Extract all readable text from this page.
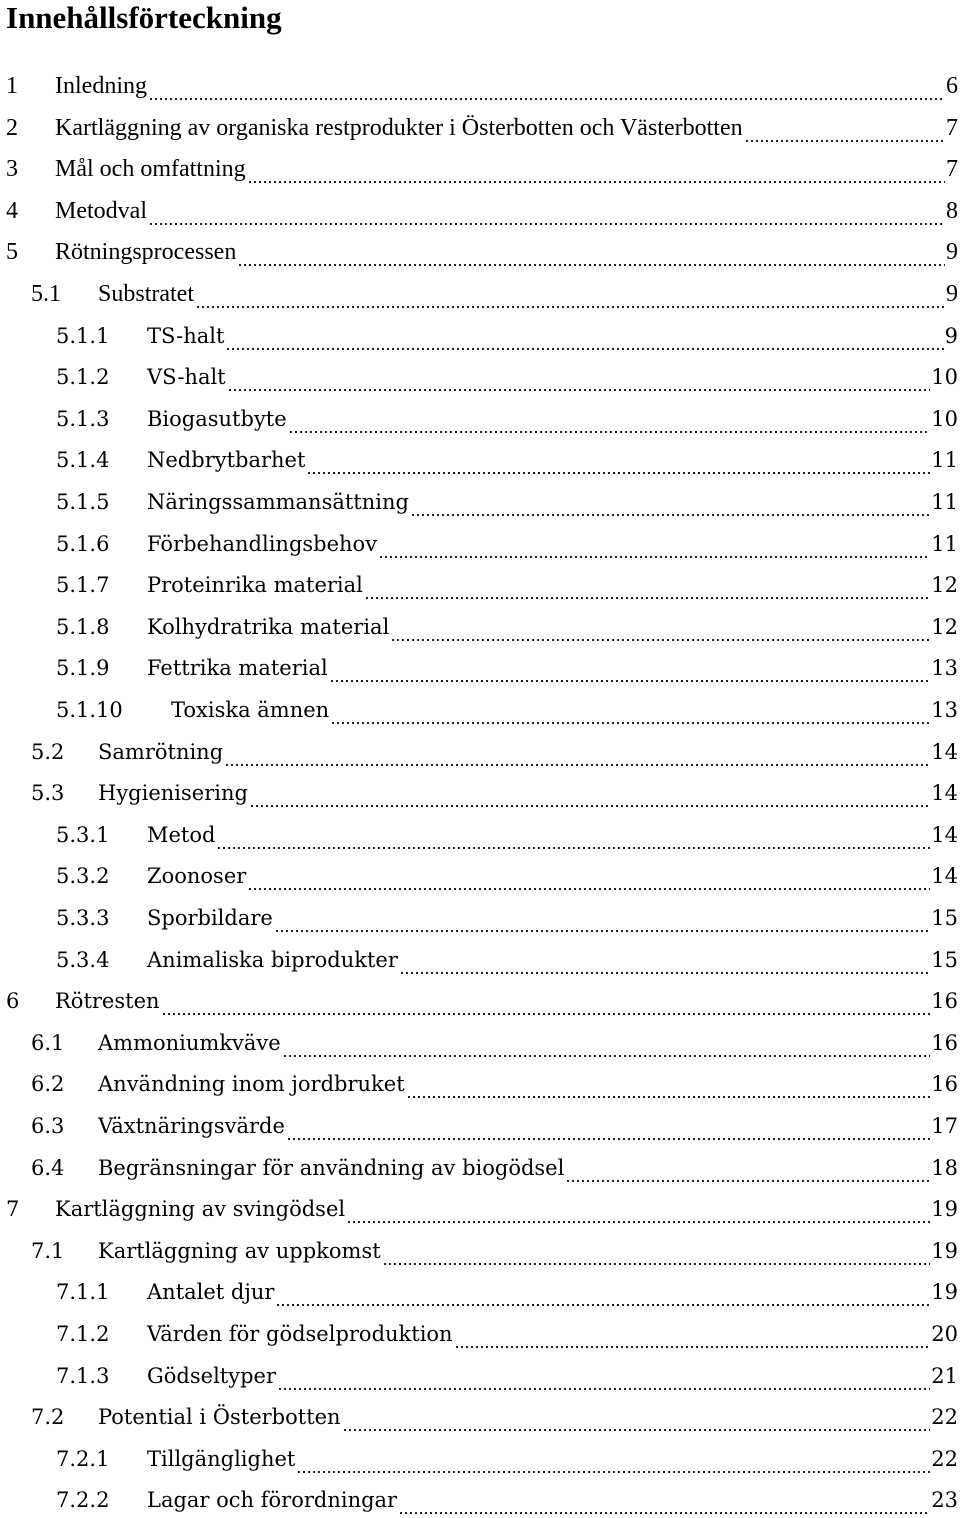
Innehållsförteckning
1 Inledning	6
2 Kartläggning av organiska restprodukter i Österbotten och Västerbotten	7
3 Mål och omfattning	7
4 Metodval	8
5 Rötningsprocessen	9
5.1 Substratet	9
5.1.1 TS-halt	9
5.1.2 VS-halt	10
5.1.3 Biogasutbyte	10
5.1.4 Nedbrytbarhet	11
5.1.5 Näringssammansättning	11
5.1.6 Förbehandlingsbehov	11
5.1.7 Proteinrika material	12
5.1.8 Kolhydratrika material	12
5.1.9 Fettrika material	13
5.1.10 Toxiska ämnen	13
5.2 Samrötning	14
5.3 Hygienisering	14
5.3.1 Metod	14
5.3.2 Zoonoser	14
5.3.3 Sporbildare	15
5.3.4 Animaliska biprodukter	15
6 Rötresten	16
6.1 Ammoniumkväve	16
6.2 Användning inom jordbruket	16
6.3 Växtnäringsvärde	17
6.4 Begränsningar för användning av biogödsel	18
7 Kartläggning av svingödsel	19
7.1 Kartläggning av uppkomst	19
7.1.1 Antalet djur	19
7.1.2 Värden för gödselproduktion	20
7.1.3 Gödseltyper	21
7.2 Potential i Österbotten	22
7.2.1 Tillgänglighet	22
7.2.2 Lagar och förordningar	23
